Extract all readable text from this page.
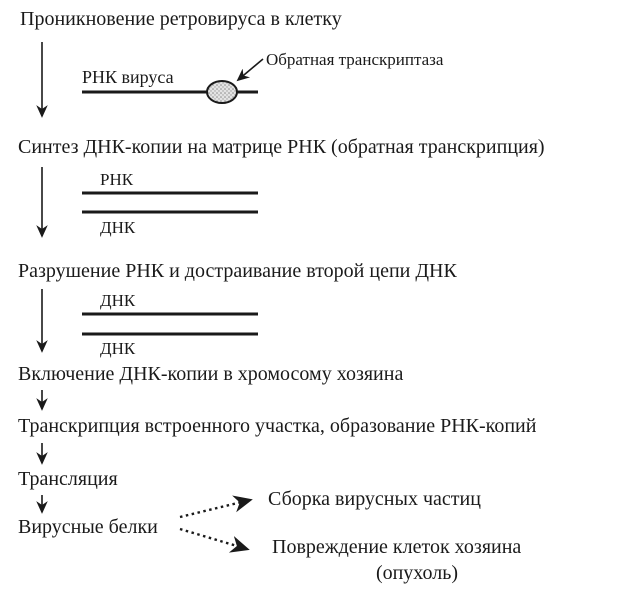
Проникновение ретровируса в клетку
РНК вируса
Обратная транскриптаза
Синтез ДНК-копии на матрице РНК (обратная транскрипция)
РНК
ДНК
Разрушение РНК и достраивание второй цепи ДНК
ДНК
ДНК
Включение ДНК-копии в хромосому хозяина
Транскрипция встроенного участка, образование РНК-копий
Трансляция
Вирусные белки
Сборка вирусных частиц
Повреждение клеток хозяина
(опухоль)
